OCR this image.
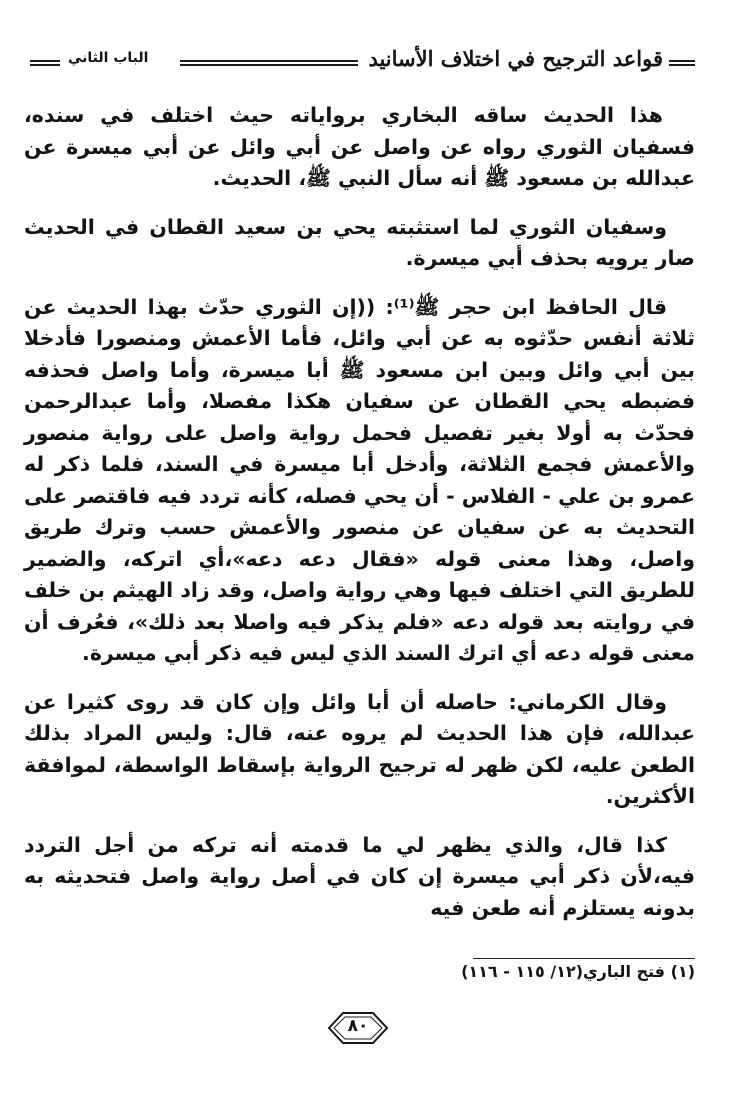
قواعد الترجيح في اختلاف الأسانيد
الباب الثاني

هذا الحديث ساقه البخاري برواياته حيث اختلف في سنده، فسفيان الثوري رواه عن واصل عن أبي وائل عن أبي ميسرة عن عبدالله بن مسعود ﷺ أنه سأل النبي ﷺ، الحديث.

وسفيان الثوري لما استثبته يحي بن سعيد القطان في الحديث صار يرويه بحذف أبي ميسرة.

قال الحافظ ابن حجر ﷺ⁽¹⁾: ((إن الثوري حدّث بهذا الحديث عن ثلاثة أنفس حدّثوه به عن أبي وائل، فأما الأعمش ومنصورا فأدخلا بين أبي وائل وبين ابن مسعود ﷺ أبا ميسرة، وأما واصل فحذفه فضبطه يحي القطان عن سفيان هكذا مفصلا، وأما عبدالرحمن فحدّث به أولا بغير تفصيل فحمل رواية واصل على رواية منصور والأعمش فجمع الثلاثة، وأدخل أبا ميسرة في السند، فلما ذكر له عمرو بن علي - الفلاس - أن يحي فصله، كأنه تردد فيه فاقتصر على التحديث به عن سفيان عن منصور والأعمش حسب وترك طريق واصل، وهذا معنى قوله «فقال دعه دعه»،أي اتركه، والضمير للطريق التي اختلف فيها وهي رواية واصل، وقد زاد الهيثم بن خلف في روايته بعد قوله دعه «فلم يذكر فيه واصلا بعد ذلك»، فعُرف أن معنى قوله دعه أي اترك السند الذي ليس فيه ذكر أبي ميسرة.

وقال الكرماني: حاصله أن أبا وائل وإن كان قد روى كثيرا عن عبدالله، فإن هذا الحديث لم يروه عنه، قال: وليس المراد بذلك الطعن عليه، لكن ظهر له ترجيح الرواية بإسقاط الواسطة، لموافقة الأكثرين.

كذا قال، والذي يظهر لي ما قدمته أنه تركه من أجل التردد فيه،لأن ذكر أبي ميسرة إن كان في أصل رواية واصل فتحديثه به بدونه يستلزم أنه طعن فيه

(١) فتح الباري(١٢/ ١١٥ - ١١٦)
٨٠
